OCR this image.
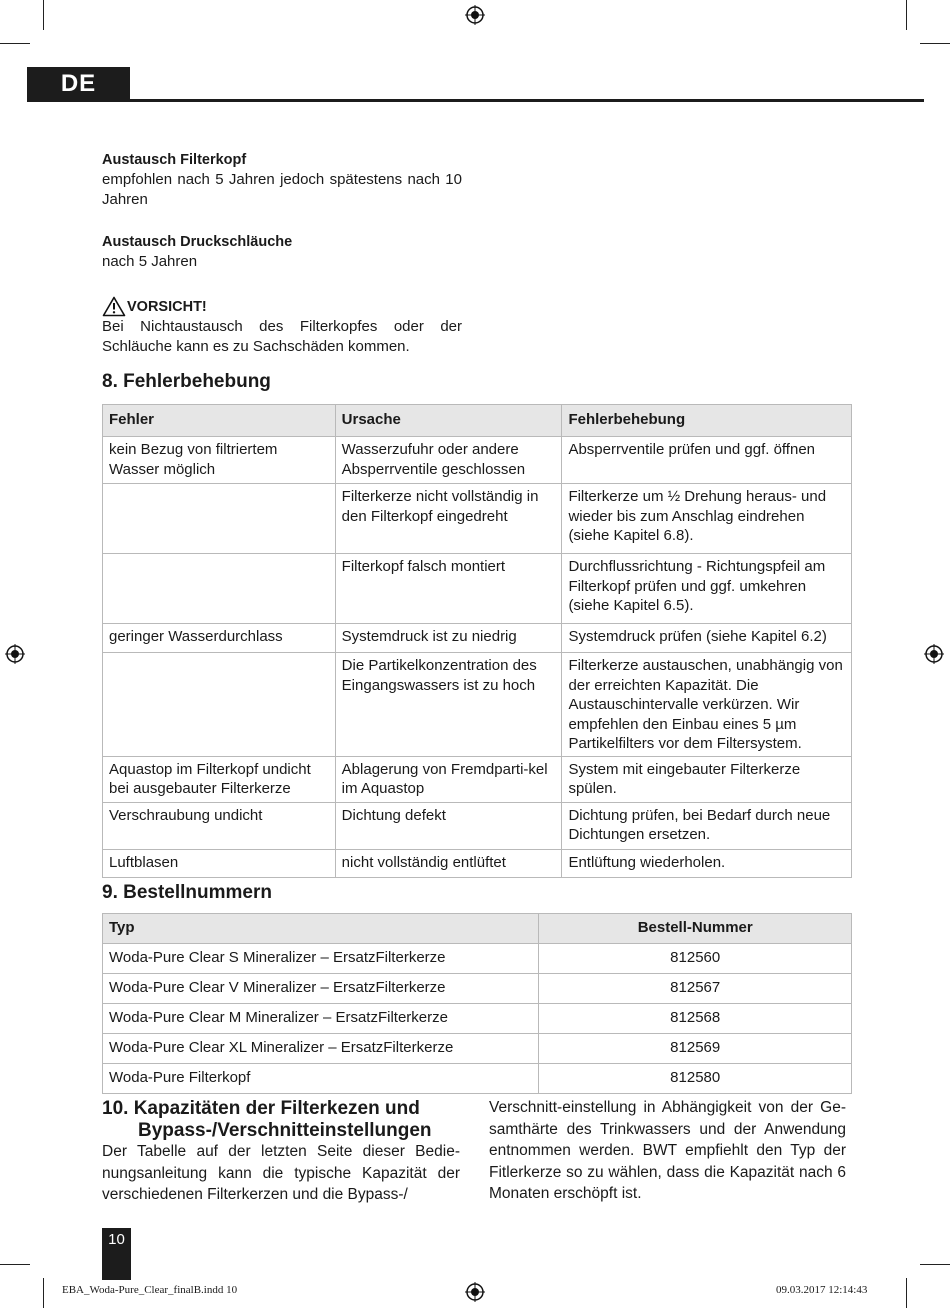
DE
Austausch Filterkopf
empfohlen nach 5 Jahren jedoch spätestens nach 10 Jahren
Austausch Druckschläuche
nach 5 Jahren
VORSICHT!
Bei Nichtaustausch des Filterkopfes oder der Schläuche kann es zu Sachschäden kommen.
8. Fehlerbehebung
Fehler	Ursache	Fehlerbehebung
kein Bezug von filtriertem Wasser möglich	Wasserzufuhr oder andere Absperrventile geschlossen	Absperrventile prüfen und ggf. öffnen
	Filterkerze nicht vollständig in den Filterkopf eingedreht	Filterkerze um ½ Drehung heraus- und wieder bis zum Anschlag eindrehen (siehe Kapitel 6.8).
	Filterkopf falsch montiert	Durchflussrichtung - Richtungspfeil am Filterkopf prüfen und ggf. umkehren (siehe Kapitel 6.5).
geringer Wasserdurchlass	Systemdruck ist zu niedrig	Systemdruck prüfen (siehe Kapitel 6.2)
	Die Partikelkonzentration des Eingangswassers ist zu hoch	Filterkerze austauschen, unabhängig von der erreichten Kapazität. Die Austauschintervalle verkürzen. Wir empfehlen den Einbau eines 5 µm Partikelfilters vor dem Filtersystem.
Aquastop im Filterkopf undicht bei ausgebauter Filterkerze	Ablagerung von Fremdparti-kel im Aquastop	System mit eingebauter Filterkerze spülen.
Verschraubung undicht	Dichtung defekt	Dichtung prüfen, bei Bedarf durch neue Dichtungen ersetzen.
Luftblasen	nicht vollständig entlüftet	Entlüftung wiederholen.
9. Bestellnummern
Typ	Bestell-Nummer
Woda-Pure Clear S Mineralizer – ErsatzFilterkerze	812560
Woda-Pure Clear V Mineralizer – ErsatzFilterkerze	812567
Woda-Pure Clear M Mineralizer – ErsatzFilterkerze	812568
Woda-Pure Clear XL Mineralizer – ErsatzFilterkerze	812569
Woda-Pure Filterkopf	812580
10. Kapazitäten der Filterkezen und
Bypass-/Verschnitteinstellungen
Der Tabelle auf der letzten Seite dieser Bedie-nungsanleitung kann die typische Kapazität der verschiedenen Filterkerzen und die Bypass-/
Verschnitt-einstellung in Abhängigkeit von der Ge-samthärte des Trinkwassers und der Anwendung entnommen werden. BWT empfiehlt den Typ der Fitlerkerze so zu wählen, dass die Kapazität nach 6 Monaten erschöpft ist.
10
EBA_Woda-Pure_Clear_finalB.indd 10	09.03.2017 12:14:43
